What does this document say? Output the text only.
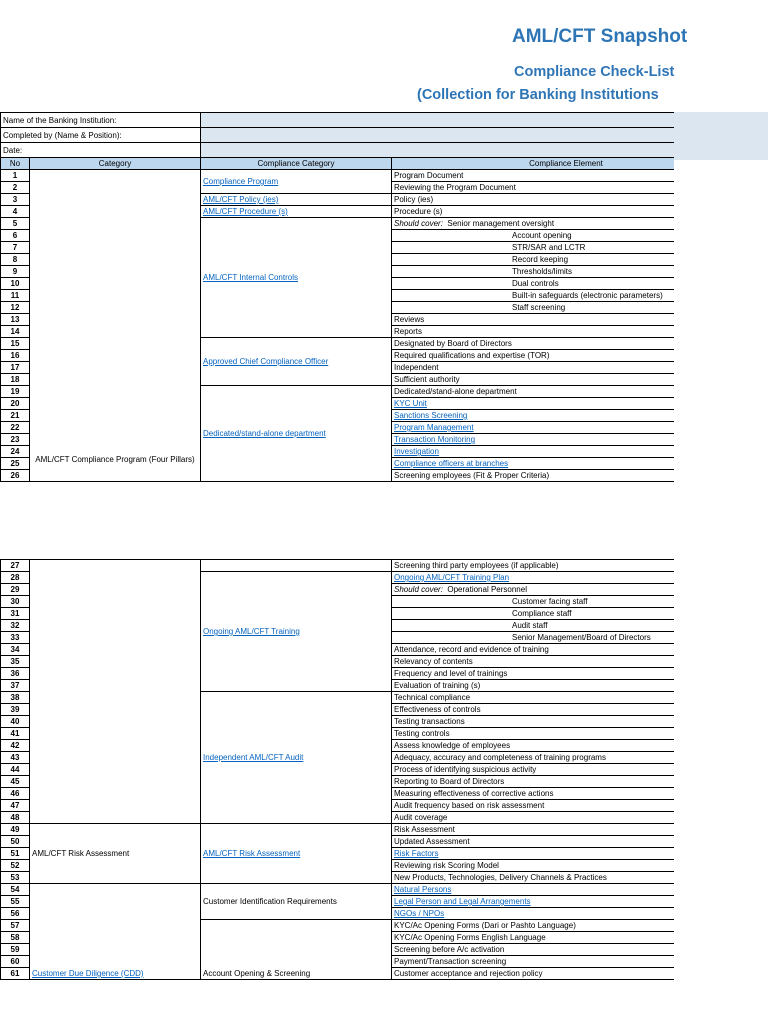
AML/CFT Snapshot
Compliance Check-List
(Collection for Banking Institutions
Name of the Banking Institution:			
Completed by (Name & Position):			
Date:			
No	Category	Compliance Category	Compliance Element
1	AML/CFT Compliance Program (Four Pillars)	Compliance Program	Program Document
2			Reviewing the Program Document
3		AML/CFT Policy (ies)	Policy (ies)
4		AML/CFT Procedure (s)	Procedure (s)
5		AML/CFT Internal Controls	Should cover: Senior management oversight
6			Account opening
7			STR/SAR and LCTR
8			Record keeping
9			Thresholds/limits
10			Dual controls
11			Built-in safeguards (electronic parameters)
12			Staff screening
13			Reviews
14			Reports
15		Approved Chief Compliance Officer	Designated by Board of Directors
16			Required qualifications and expertise (TOR)
17			Independent
18			Sufficient authority
19		Dedicated/stand-alone department	Dedicated/stand-alone department
20			KYC Unit
21			Sanctions Screening
22			Program Management
23			Transaction Monitoring
24			Investigation
25			Compliance officers at branches
26			Screening employees (Fit & Proper Criteria)
27			Screening third party employees (if applicable)
28		Ongoing AML/CFT Training	Ongoing AML/CFT Training Plan
29			Should cover: Operational Personnel
30			Customer facing staff
31			Compliance staff
32			Audit staff
33			Senior Management/Board of Directors
34			Attendance, record and evidence of training
35			Relevancy of contents
36			Frequency and level of trainings
37			Evaluation of training (s)
38		Independent AML/CFT Audit	Technical compliance
39			Effectiveness of controls
40			Testing transactions
41			Testing controls
42			Assess knowledge of employees
43			Adequacy, accuracy and completeness of training programs
44			Process of identifying suspicious activity
45			Reporting to Board of Directors
46			Measuring effectiveness of corrective actions
47			Audit frequency based on risk assessment
48			Audit coverage
49	AML/CFT Risk Assessment	AML/CFT Risk Assessment	Risk Assessment
50			Updated Assessment
51			Risk Factors
52			Reviewing risk Scoring Model
53			New Products, Technologies, Delivery Channels & Practices
54	Customer Due Diligence (CDD)	Customer Identification Requirements	Natural Persons
55			Legal Person and Legal Arrangements
56			NGOs / NPOs
57		Account Opening & Screening	KYC/Ac Opening Forms (Dari or Pashto Language)
58			KYC/Ac Opening Forms English Language
59			Screening before A/c activation
60			Payment/Transaction screening
61			Customer acceptance and rejection policy
